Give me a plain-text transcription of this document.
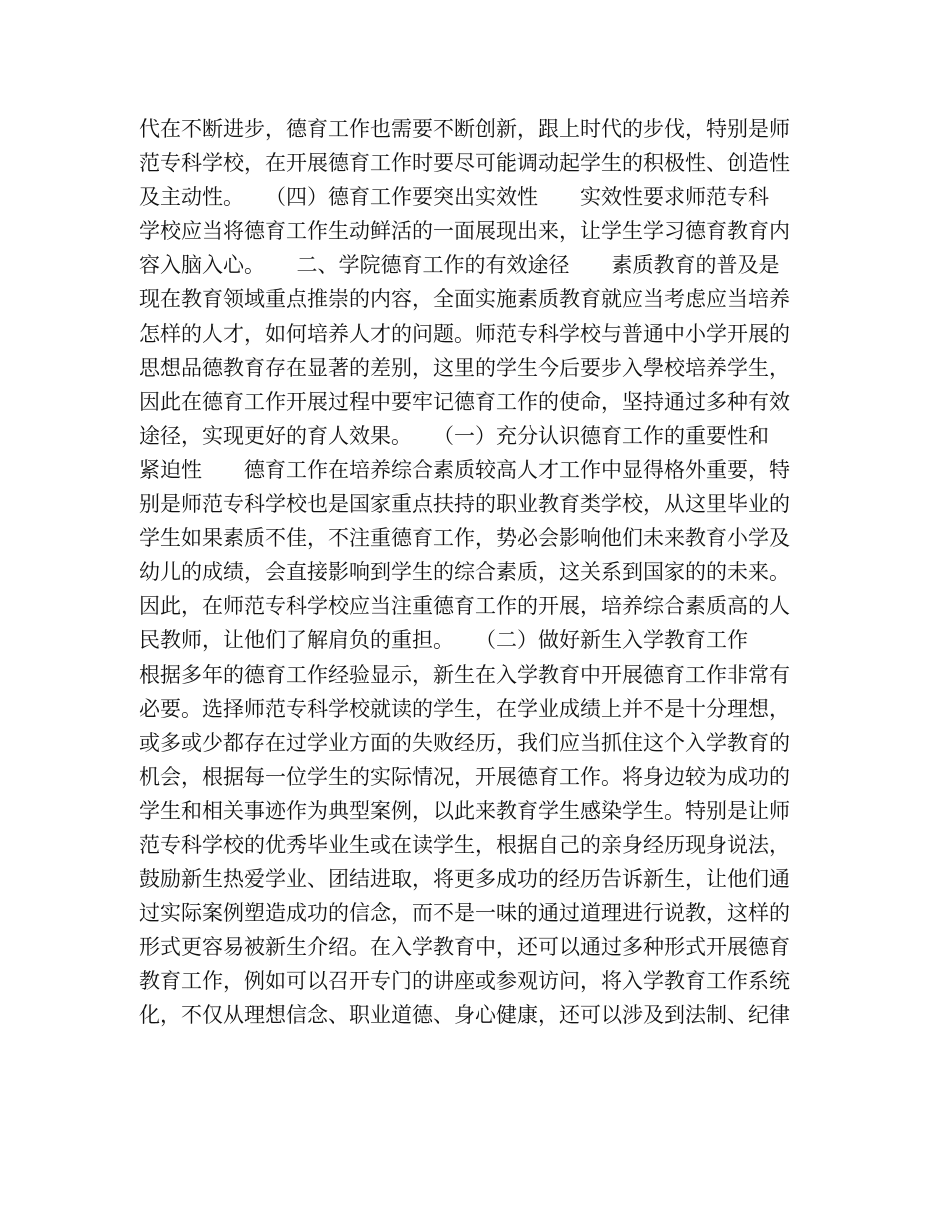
代在不断进步，德育工作也需要不断创新，跟上时代的步伐，特别是师
范专科学校，在开展德育工作时要尽可能调动起学生的积极性、创造性
及主动性。　　（四）德育工作要突出实效性　　实效性要求师范专科
学校应当将德育工作生动鲜活的一面展现出来，让学生学习德育教育内
容入脑入心。　　二、学院德育工作的有效途径　　素质教育的普及是
现在教育领域重点推崇的内容，全面实施素质教育就应当考虑应当培养
怎样的人才，如何培养人才的问题。师范专科学校与普通中小学开展的
思想品德教育存在显著的差别，这里的学生今后要步入學校培养学生，
因此在德育工作开展过程中要牢记德育工作的使命，坚持通过多种有效
途径，实现更好的育人效果。　　（一）充分认识德育工作的重要性和
紧迫性　　德育工作在培养综合素质较高人才工作中显得格外重要，特
别是师范专科学校也是国家重点扶持的职业教育类学校，从这里毕业的
学生如果素质不佳，不注重德育工作，势必会影响他们未来教育小学及
幼儿的成绩，会直接影响到学生的综合素质，这关系到国家的的未来。
因此，在师范专科学校应当注重德育工作的开展，培养综合素质高的人
民教师，让他们了解肩负的重担。　　（二）做好新生入学教育工作
根据多年的德育工作经验显示，新生在入学教育中开展德育工作非常有
必要。选择师范专科学校就读的学生，在学业成绩上并不是十分理想，
或多或少都存在过学业方面的失败经历，我们应当抓住这个入学教育的
机会，根据每一位学生的实际情况，开展德育工作。将身边较为成功的
学生和相关事迹作为典型案例，以此来教育学生感染学生。特别是让师
范专科学校的优秀毕业生或在读学生，根据自己的亲身经历现身说法，
鼓励新生热爱学业、团结进取，将更多成功的经历告诉新生，让他们通
过实际案例塑造成功的信念，而不是一味的通过道理进行说教，这样的
形式更容易被新生介绍。在入学教育中，还可以通过多种形式开展德育
教育工作，例如可以召开专门的讲座或参观访问，将入学教育工作系统
化，不仅从理想信念、职业道德、身心健康，还可以涉及到法制、纪律
